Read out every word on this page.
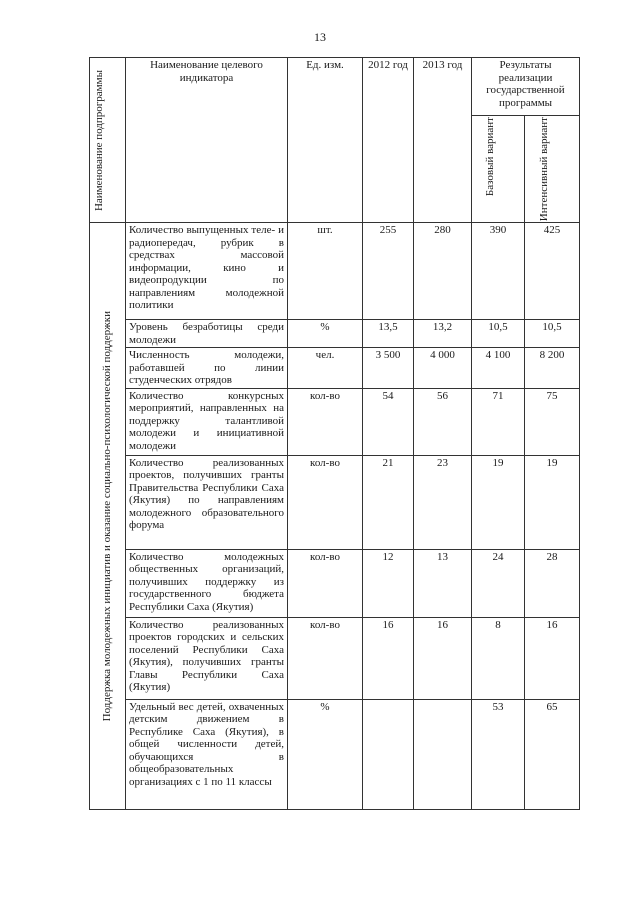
13
Наименование подпрограммы	Наименование целевого индикатора	Ед. изм.	2012 год	2013 год	Результаты реализации государственной программы	

					Базовый вариант	Интенсивный вариант

Поддержка молодежных инициатив и оказание социально-психологической поддержки	Количество выпущенных теле- и радиопередач, рубрик в средствах массовой информации, кино и видеопродукции по направлениям молодежной политики	шт.	255	280	390	425
	Уровень безработицы среди молодежи	%	13,5	13,2	10,5	10,5
	Численность молодежи, работавшей по линии студенческих отрядов	чел.	3 500	4 000	4 100	8 200
	Количество конкурсных мероприятий, направленных на поддержку талантливой молодежи и инициативной молодежи	кол-во	54	56	71	75
	Количество реализованных проектов, получивших гранты Правительства Республики Саха (Якутия) по направлениям молодежного образовательного форума	кол-во	21	23	19	19
	Количество молодежных общественных организаций, получивших поддержку из государственного бюджета Республики Саха (Якутия)	кол-во	12	13	24	28
	Количество реализованных проектов городских и сельских поселений Республики Саха (Якутия), получивших гранты Главы Республики Саха (Якутия)	кол-во	16	16	8	16
	Удельный вес детей, охваченных детским движением в Республике Саха (Якутия), в общей численности детей, обучающихся в общеобразовательных организациях с 1 по 11 классы	%			53	65
